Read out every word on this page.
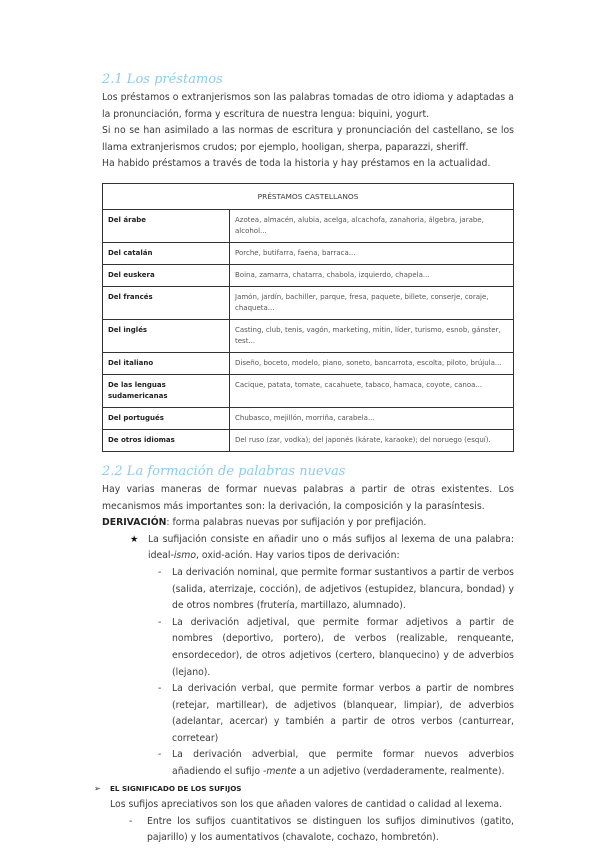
2.1 Los préstamos

Los préstamos o extranjerismos son las palabras tomadas de otro idioma y adaptadas a la pronunciación, forma y escritura de nuestra lengua: biquini, yogurt.

Si no se han asimilado a las normas de escritura y pronunciación del castellano, se los llama extranjerismos crudos; por ejemplo, hooligan, sherpa, paparazzi, sheriff.

Ha habido préstamos a través de toda la historia y hay préstamos en la actualidad.

PRÉSTAMOS CASTELLANOS	
Del árabe	Azotea, almacén, alubia, acelga, alcachofa, zanahoria, álgebra, jarabe, alcohol...
Del catalán	Porche, butifarra, faena, barraca...
Del euskera	Boina, zamarra, chatarra, chabola, izquierdo, chapela...
Del francés	Jamón, jardín, bachiller, parque, fresa, paquete, billete, conserje, coraje, chaqueta...
Del inglés	Casting, club, tenis, vagón, marketing, mitin, líder, turismo, esnob, gánster, test...
Del italiano	Diseño, boceto, modelo, piano, soneto, bancarrota, escolta, piloto, brújula...
De las lenguas sudamericanas	Cacique, patata, tomate, cacahuete, tabaco, hamaca, coyote, canoa...
Del portugués	Chubasco, mejillón, morriña, carabela...
De otros idiomas	Del ruso (zar, vodka); del japonés (kárate, karaoke); del noruego (esquí).
2.2 La formación de palabras nuevas

Hay varias maneras de formar nuevas palabras a partir de otras existentes. Los mecanismos más importantes son: la derivación, la composición y la parasíntesis.

DERIVACIÓN: forma palabras nuevas por sufijación y por prefijación.

★ La sufijación consiste en añadir uno o más sufijos al lexema de una palabra: ideal-ismo, oxid-ación. Hay varios tipos de derivación:
- La derivación nominal, que permite formar sustantivos a partir de verbos (salida, aterrizaje, cocción), de adjetivos (estupidez, blancura, bondad) y de otros nombres (frutería, martillazo, alumnado).
- La derivación adjetival, que permite formar adjetivos a partir de nombres (deportivo, portero), de verbos (realizable, renqueante, ensordecedor), de otros adjetivos (certero, blanquecino) y de adverbios (lejano).
- La derivación verbal, que permite formar verbos a partir de nombres (retejar, martillear), de adjetivos (blanquear, limpiar), de adverbios (adelantar, acercar) y también a partir de otros verbos (canturrear, corretear)
- La derivación adverbial, que permite formar nuevos adverbios añadiendo el sufijo -mente a un adjetivo (verdaderamente, realmente).
➢ EL SIGNIFICADO DE LOS SUFIJOS

Los sufijos apreciativos son los que añaden valores de cantidad o calidad al lexema.

- Entre los sufijos cuantitativos se distinguen los sufijos diminutivos (gatito, pajarillo) y los aumentativos (chavalote, cochazo, hombretón).
